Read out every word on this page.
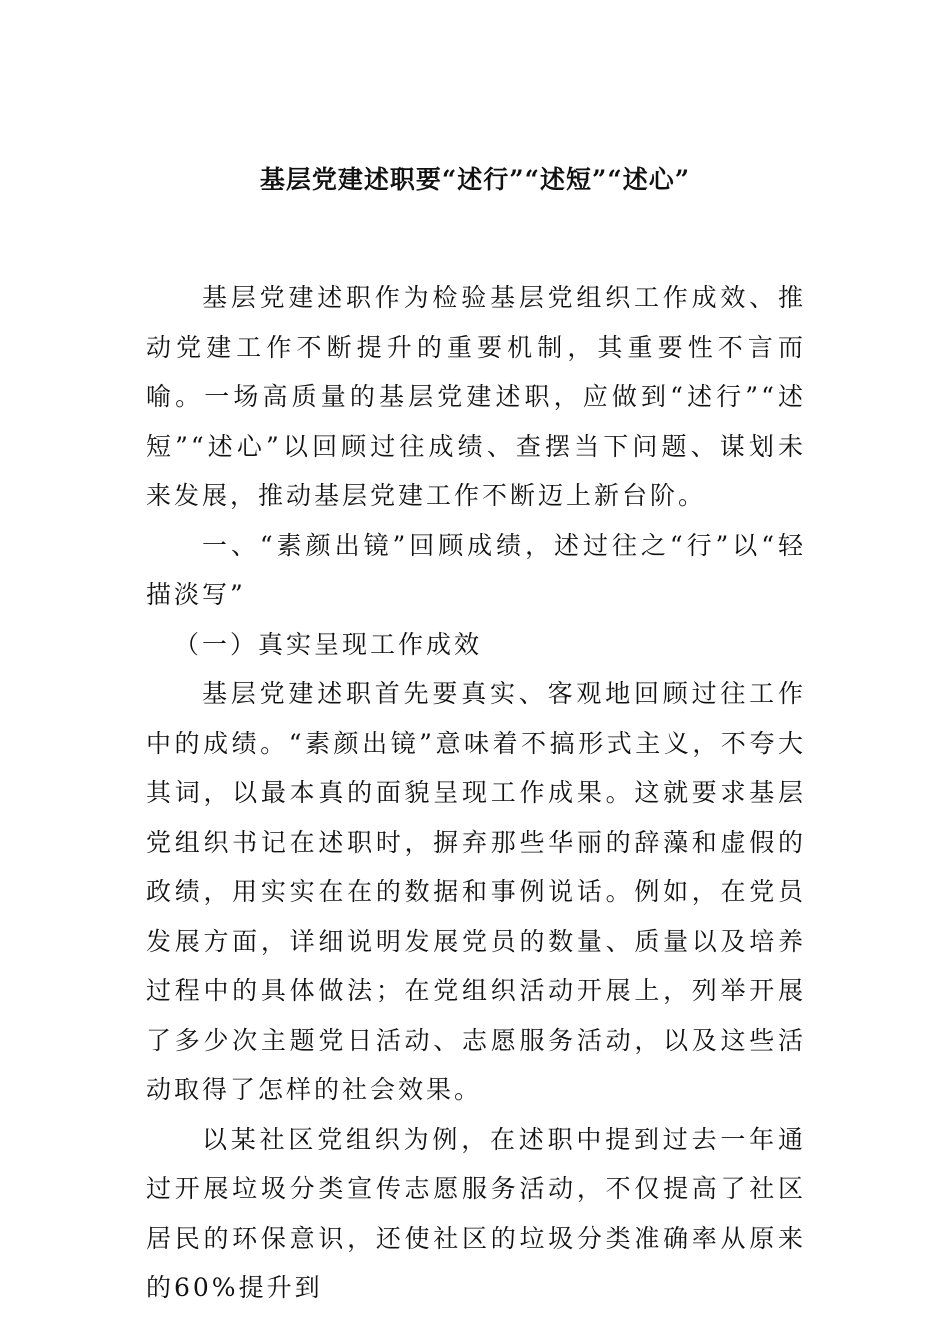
基层党建述职要“述行”“述短”“述心”

基层党建述职作为检验基层党组织工作成效、推动党建工作不断提升的重要机制，其重要性不言而喻。一场高质量的基层党建述职，应做到“述行”“述短”“述心”以回顾过往成绩、查摆当下问题、谋划未来发展，推动基层党建工作不断迈上新台阶。

一、“素颜出镜”回顾成绩，述过往之“行”以“轻描淡写”

（一）真实呈现工作成效

基层党建述职首先要真实、客观地回顾过往工作中的成绩。“素颜出镜”意味着不搞形式主义，不夸大其词，以最本真的面貌呈现工作成果。这就要求基层党组织书记在述职时，摒弃那些华丽的辞藻和虚假的政绩，用实实在在的数据和事例说话。例如，在党员发展方面，详细说明发展党员的数量、质量以及培养过程中的具体做法；在党组织活动开展上，列举开展了多少次主题党日活动、志愿服务活动，以及这些活动取得了怎样的社会效果。

以某社区党组织为例，在述职中提到过去一年通过开展垃圾分类宣传志愿服务活动，不仅提高了社区居民的环保意识，还使社区的垃圾分类准确率从原来的60%提升到
